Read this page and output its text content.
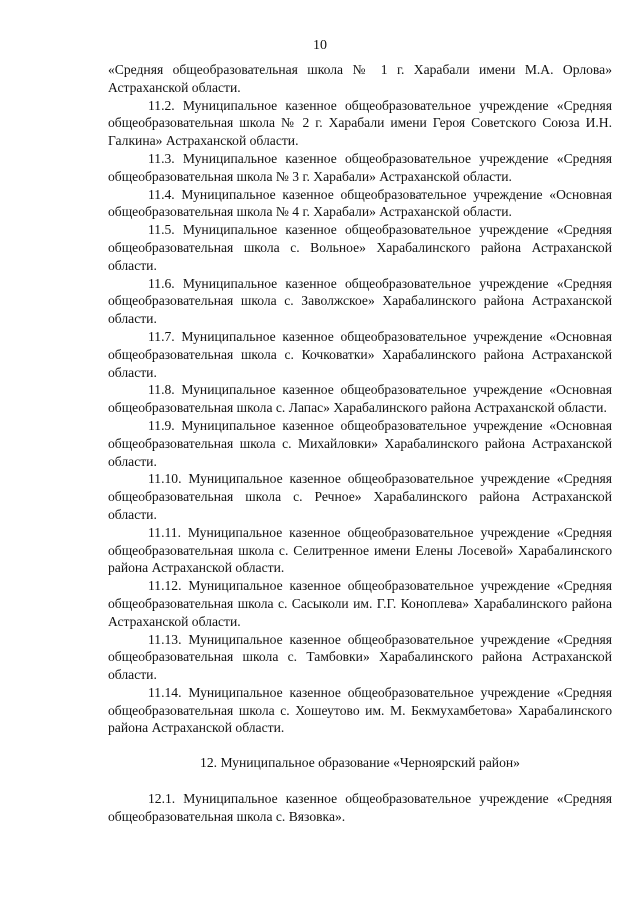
10

«Средняя общеобразовательная школа № 1 г. Харабали имени М.А. Орлова» Астраханской области.

11.2. Муниципальное казенное общеобразовательное учреждение «Средняя общеобразовательная школа № 2 г. Харабали имени Героя Советского Союза И.Н. Галкина» Астраханской области.

11.3. Муниципальное казенное общеобразовательное учреждение «Средняя общеобразовательная школа № 3 г. Харабали» Астраханской области.

11.4. Муниципальное казенное общеобразовательное учреждение «Основная общеобразовательная школа № 4 г. Харабали» Астраханской области.

11.5. Муниципальное казенное общеобразовательное учреждение «Средняя общеобразовательная школа с. Вольное» Харабалинского района Астраханской области.

11.6. Муниципальное казенное общеобразовательное учреждение «Средняя общеобразовательная школа с. Заволжское» Харабалинского района Астраханской области.

11.7. Муниципальное казенное общеобразовательное учреждение «Основная общеобразовательная школа с. Кочковатки» Харабалинского района Астраханской области.

11.8. Муниципальное казенное общеобразовательное учреждение «Основная общеобразовательная школа с. Лапас» Харабалинского района Астраханской области.

11.9. Муниципальное казенное общеобразовательное учреждение «Основная общеобразовательная школа с. Михайловки» Харабалинского района Астраханской области.

11.10. Муниципальное казенное общеобразовательное учреждение «Средняя общеобразовательная школа с. Речное» Харабалинского района Астраханской области.

11.11. Муниципальное казенное общеобразовательное учреждение «Средняя общеобразовательная школа с. Селитренное имени Елены Лосевой» Харабалинского района Астраханской области.

11.12. Муниципальное казенное общеобразовательное учреждение «Средняя общеобразовательная школа с. Сасыколи им. Г.Г. Коноплева» Харабалинского района Астраханской области.

11.13. Муниципальное казенное общеобразовательное учреждение «Средняя общеобразовательная школа с. Тамбовки» Харабалинского района Астраханской области.

11.14. Муниципальное казенное общеобразовательное учреждение «Средняя общеобразовательная школа с. Хошеутово им. М. Бекмухамбетова» Харабалинского района Астраханской области.

12. Муниципальное образование «Черноярский район»

12.1. Муниципальное казенное общеобразовательное учреждение «Средняя общеобразовательная школа с. Вязовка».
